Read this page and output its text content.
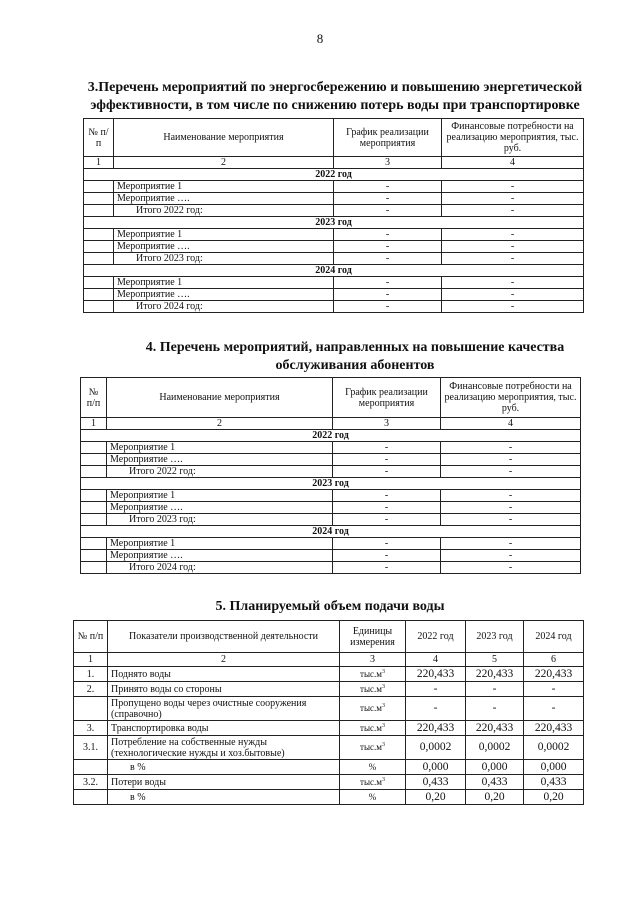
8
3.Перечень мероприятий по энергосбережению и повышению энергетической
эффективности, в том числе по снижению потерь воды при транспортировке
№ п/п	Наименование мероприятия	График реализации мероприятия	Финансовые потребности на реализацию мероприятия, тыс. руб.
1	2	3	4
2022 год			
	Мероприятие 1	-	-
	Мероприятие ….	-	-
	Итого 2022 год:	-	-
2023 год			
	Мероприятие 1	-	-
	Мероприятие ….	-	-
	Итого 2023 год:	-	-
2024 год			
	Мероприятие 1	-	-
	Мероприятие ….	-	-
	Итого 2024 год:	-	-
4. Перечень мероприятий, направленных на повышение качества
обслуживания абонентов
№ п/п	Наименование мероприятия	График реализации мероприятия	Финансовые потребности на реализацию мероприятия, тыс. руб.
1	2	3	4
2022 год			
	Мероприятие 1	-	-
	Мероприятие ….	-	-
	Итого 2022 год:	-	-
2023 год			
	Мероприятие 1	-	-
	Мероприятие ….	-	-
	Итого 2023 год:	-	-
2024 год			
	Мероприятие 1	-	-
	Мероприятие ….	-	-
	Итого 2024 год:	-	-
5. Планируемый объем подачи воды
№ п/п	Показатели производственной деятельности	Единицы измерения	2022 год	2023 год	2024 год
1	2	3	4	5	6
1.	Поднято воды	$тыс.м^3$	220,433	220,433	220,433
2.	Принято воды со стороны	$тыс.м^3$	-	-	-
	Пропущено воды через очистные сооружения (справочно)	$тыс.м^3$	-	-	-
3.	Транспортировка воды	$тыс.м^3$	220,433	220,433	220,433
3.1.	Потребление на собственные нужды (технологические нужды и хоз.бытовые)	$тыс.м^3$	0,0002	0,0002	0,0002
	в %	%	0,000	0,000	0,000
3.2.	Потери воды	$тыс.м^3$	0,433	0,433	0,433
	в %	%	0,20	0,20	0,20
